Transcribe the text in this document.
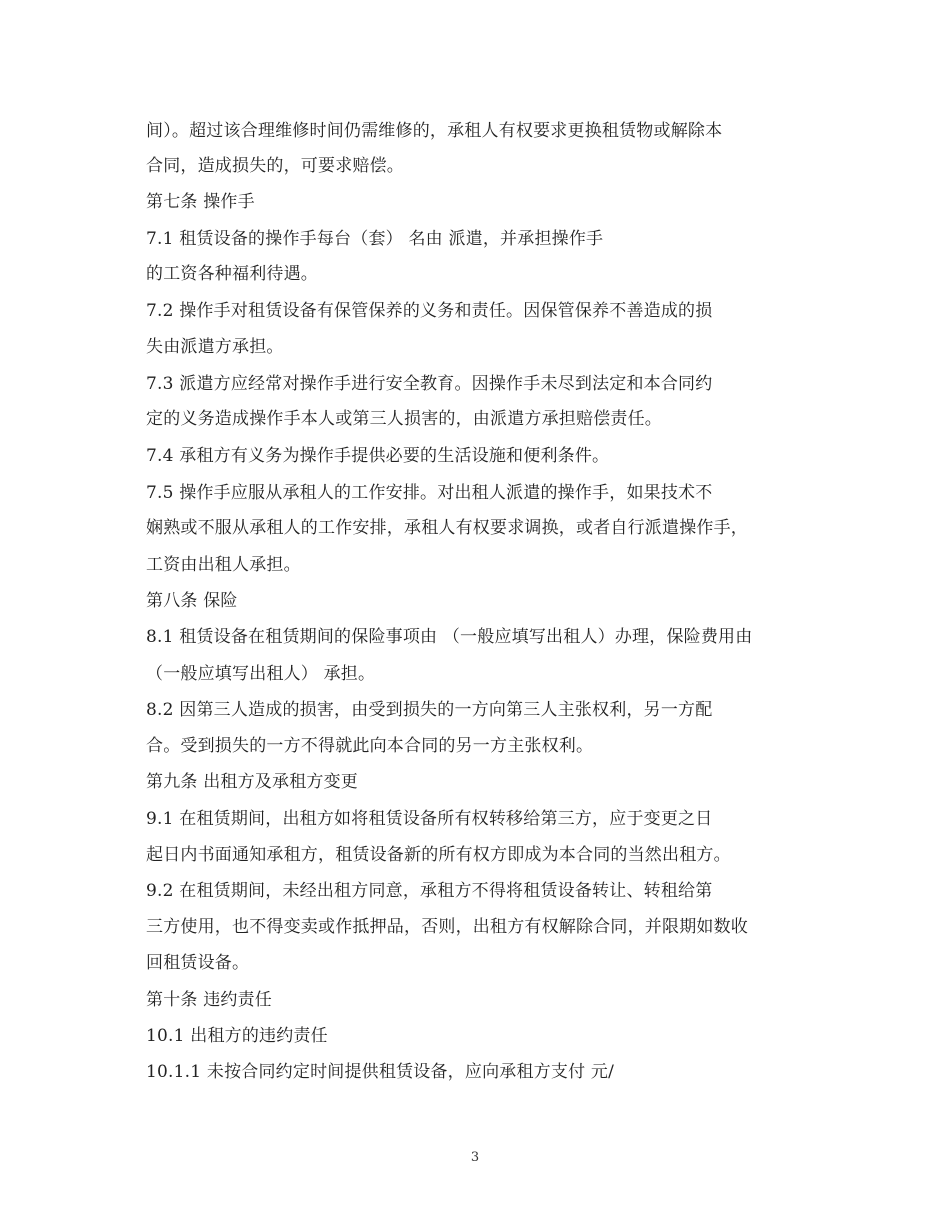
间）。超过该合理维修时间仍需维修的，承租人有权要求更换租赁物或解除本
合同，造成损失的，可要求赔偿。
第七条 操作手
7.1 租赁设备的操作手每台（套） 名由 派遣，并承担操作手
的工资各种福利待遇。
7.2 操作手对租赁设备有保管保养的义务和责任。因保管保养不善造成的损
失由派遣方承担。
7.3 派遣方应经常对操作手进行安全教育。因操作手未尽到法定和本合同约
定的义务造成操作手本人或第三人损害的，由派遣方承担赔偿责任。
7.4 承租方有义务为操作手提供必要的生活设施和便利条件。
7.5 操作手应服从承租人的工作安排。对出租人派遣的操作手，如果技术不
娴熟或不服从承租人的工作安排，承租人有权要求调换，或者自行派遣操作手，
工资由出租人承担。
第八条 保险
8.1 租赁设备在租赁期间的保险事项由 （一般应填写出租人）办理，保险费用由
（一般应填写出租人） 承担。
8.2 因第三人造成的损害，由受到损失的一方向第三人主张权利，另一方配
合。受到损失的一方不得就此向本合同的另一方主张权利。
第九条 出租方及承租方变更
9.1 在租赁期间，出租方如将租赁设备所有权转移给第三方，应于变更之日
起日内书面通知承租方，租赁设备新的所有权方即成为本合同的当然出租方。
9.2 在租赁期间，未经出租方同意，承租方不得将租赁设备转让、转租给第
三方使用，也不得变卖或作抵押品，否则，出租方有权解除合同，并限期如数收
回租赁设备。
第十条 违约责任
10.1 出租方的违约责任
10.1.1 未按合同约定时间提供租赁设备，应向承租方支付 元/
3
